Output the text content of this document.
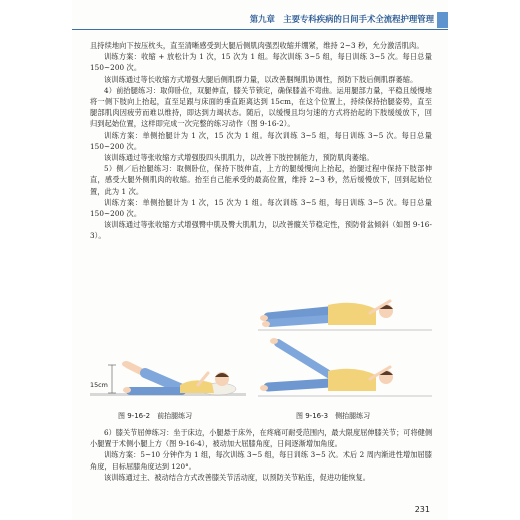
第九章　主要专科疾病的日间手术全流程护理管理

且持续地向下按压枕头，直至清晰感受到大腿后侧肌肉强烈收缩并绷紧，维持 2~3 秒，允分激活肌肉。

训练方案：收缩 + 放松计为 1 次，15 次为 1 组。每次训练 3~5 组，每日训练 3~5 次。每日总量 150~200 次。

该训练通过等长收缩方式增强大腿后侧肌群力量，以改善腘绳肌协调性，预防下肢后侧肌群萎缩。

4）前抬腿练习：取仰卧位，双腿伸直，膝关节锁定，确保膝盖不弯曲。运用腿部力量，平稳且缓慢地将一侧下肢向上抬起，直至足跟与床面的垂直距离达到 15cm，在这个位置上，持续保持抬腿姿势，直至腿部肌肉因疲劳而难以维持，即达到力竭状态。随后，以缓慢且均匀速的方式将抬起的下肢缓缓放下，回归到起始位置，这样即完成一次完整的练习动作（图 9-16-2）。

训练方案：单侧抬腿计为 1 次，15 次为 1 组。每次训练 3~5 组，每日训练 3~5 次。每日总量 150~200 次。

该训练通过等张收缩方式增强股四头肌肌力，以改善下肢控制能力，预防肌肉萎缩。

5）侧／后抬腿练习：取侧卧位，保持下肢伸直，上方的腿缓慢向上抬起，抬腿过程中保持下肢部伸直，感受大腿外侧肌肉的收缩。抬至自己能承受的最高位置，维持 2~3 秒，然后缓慢放下，回到起始位置，此为 1 次。

训练方案：单侧抬腿计为 1 次，15 次为 1 组。每次训练 3~5 组，每日训练 3~5 次。每日总量 150~200 次。

该训练通过等张收缩方式增强臀中肌及臀大肌肌力，以改善髋关节稳定性，预防骨盆倾斜（如图 9-16-3）。

15cm
图 9-16-2　前抬腿练习	图 9-16-3　侧抬腿练习

6）膝关节屈伸练习：坐于床边，小腿悬于床外，在疼痛可耐受范围内，最大限度屈伸膝关节；可将健侧小腿置于术侧小腿上方（图 9-16-4），被动加大屈膝角度，日间逐渐增加角度。

训练方案：5~10 分钟作为 1 组，每次训练 3~5 组，每日训练 3~5 次。术后 2 周内渐进性增加屈膝角度，目标屈膝角度达到 120°。

该训练通过主、被动结合方式改善膝关节活动度，以预防关节粘连，促进功能恢复。

231
